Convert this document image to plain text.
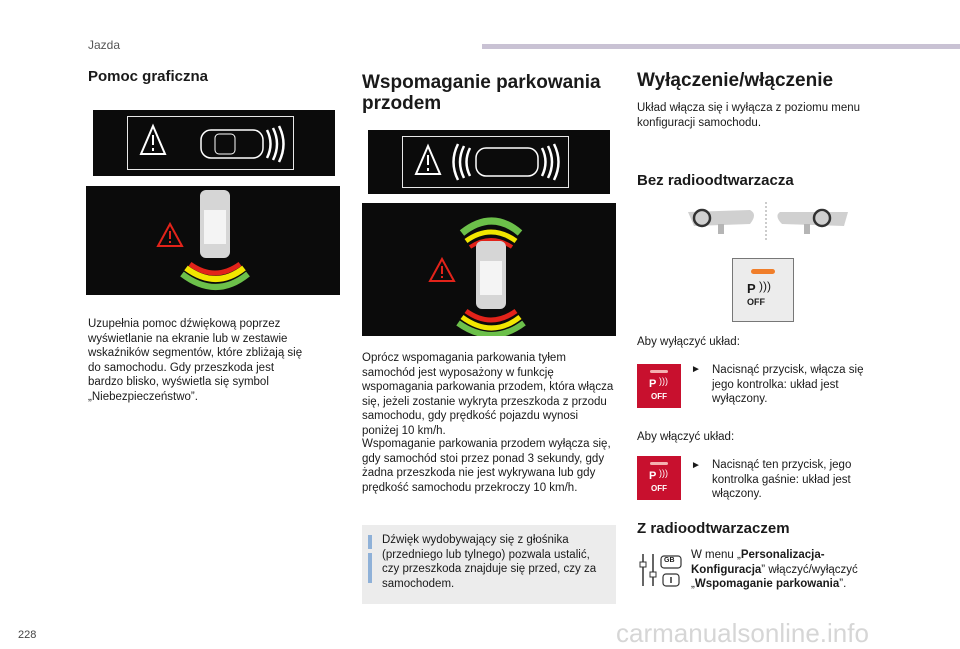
Jazda
Pomoc graficzna

Uzupełnia pomoc dźwiękową poprzez wyświetlanie na ekranie lub w zestawie wskaźników segmentów, które zbliżają się do samochodu. Gdy przeszkoda jest bardzo blisko, wyświetla się symbol „Niebezpieczeństwo”.

Wspomaganie parkowania przodem

Oprócz wspomagania parkowania tyłem samochód jest wyposażony w funkcję wspomagania parkowania przodem, która włącza się, jeżeli zostanie wykryta przeszkoda z przodu samochodu, gdy prędkość pojazdu wynosi poniżej 10 km/h.

Wspomaganie parkowania przodem wyłącza się, gdy samochód stoi przez ponad 3 sekundy, gdy żadna przeszkoda nie jest wykrywana lub gdy prędkość samochodu przekroczy 10 km/h.

Dźwięk wydobywający się z głośnika (przedniego lub tylnego) pozwala ustalić, czy przeszkoda znajduje się przed, czy za samochodem.

Wyłączenie/włączenie

Układ włącza się i wyłącza z poziomu menu konfiguracji samochodu.

Bez radioodtwarzacza
P )))
OFF

Aby wyłączyć układ:

P )))
OFF
► Nacisnąć przycisk, włącza się jego kontrolka: układ jest wyłączony.

Aby włączyć układ:

P )))
OFF
► Nacisnąć ten przycisk, jego kontrolka gaśnie: układ jest włączony.

Z radioodtwarzaczem
GB W menu „Personalizacja-Konfiguracja” włączyć/wyłączyć „Wspomaganie parkowania”.

228	carmanualsonline.info
